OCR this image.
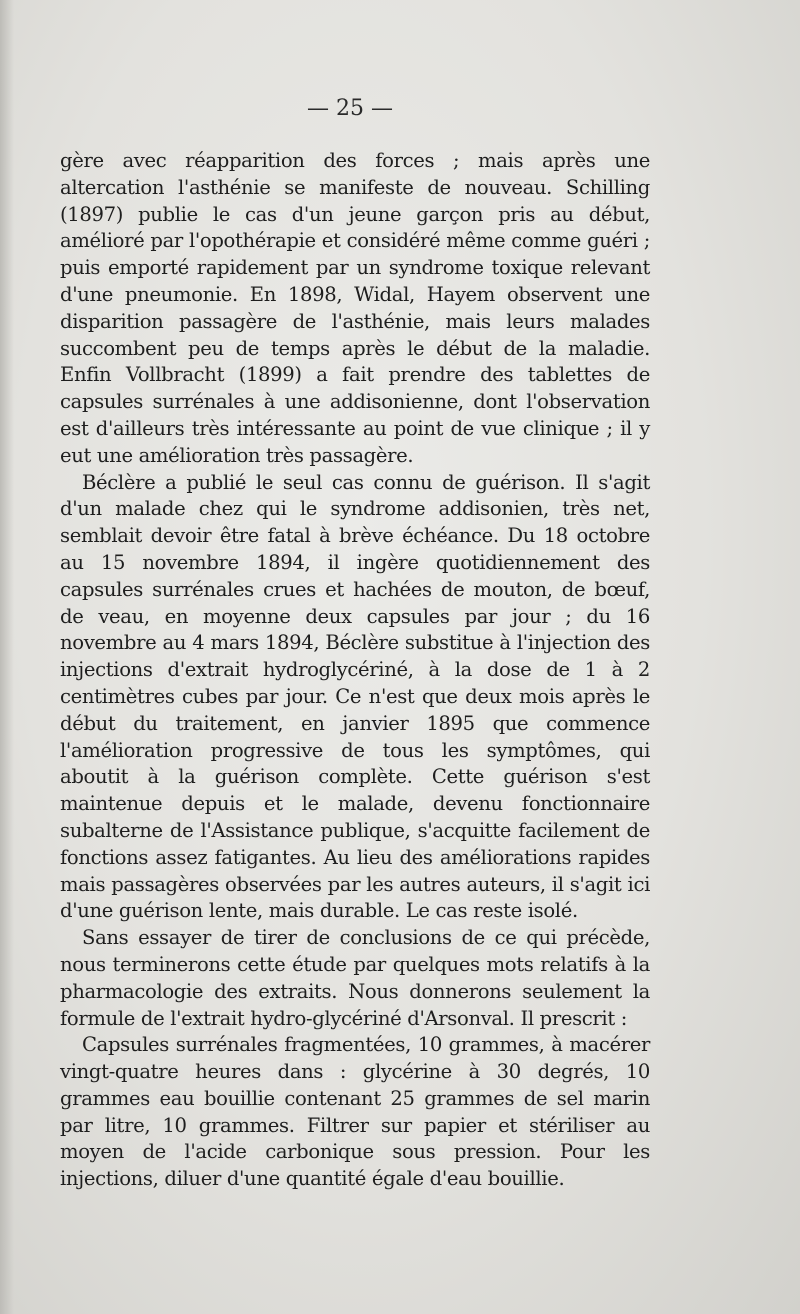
— 25 —

gère avec réapparition des forces ; mais après une altercation l'asthénie se manifeste de nouveau. Schilling (1897) publie le cas d'un jeune garçon pris au début, amélioré par l'opothérapie et considéré même comme guéri ; puis emporté rapidement par un syndrome toxique relevant d'une pneumonie. En 1898, Widal, Hayem observent une disparition passagère de l'asthénie, mais leurs malades succombent peu de temps après le début de la maladie. Enfin Vollbracht (1899) a fait prendre des tablettes de capsules surrénales à une addisonienne, dont l'observation est d'ailleurs très intéressante au point de vue clinique ; il y eut une amélioration très passagère.

Béclère a publié le seul cas connu de guérison. Il s'agit d'un malade chez qui le syndrome addisonien, très net, semblait devoir être fatal à brève échéance. Du 18 octobre au 15 novembre 1894, il ingère quotidiennement des capsules surrénales crues et hachées de mouton, de bœuf, de veau, en moyenne deux capsules par jour ; du 16 novembre au 4 mars 1894, Béclère substitue à l'injection des injections d'extrait hydroglycériné, à la dose de 1 à 2 centimètres cubes par jour. Ce n'est que deux mois après le début du traitement, en janvier 1895 que commence l'amélioration progressive de tous les symptômes, qui aboutit à la guérison complète. Cette guérison s'est maintenue depuis et le malade, devenu fonctionnaire subalterne de l'Assistance publique, s'acquitte facilement de fonctions assez fatigantes. Au lieu des améliorations rapides mais passagères observées par les autres auteurs, il s'agit ici d'une guérison lente, mais durable. Le cas reste isolé.

Sans essayer de tirer de conclusions de ce qui précède, nous terminerons cette étude par quelques mots relatifs à la pharmacologie des extraits. Nous donnerons seulement la formule de l'extrait hydro-glycériné d'Arsonval. Il prescrit :

Capsules surrénales fragmentées, 10 grammes, à macérer vingt-quatre heures dans : glycérine à 30 degrés, 10 grammes eau bouillie contenant 25 grammes de sel marin par litre, 10 grammes. Filtrer sur papier et stériliser au moyen de l'acide carbonique sous pression. Pour les injections, diluer d'une quantité égale d'eau bouillie.
